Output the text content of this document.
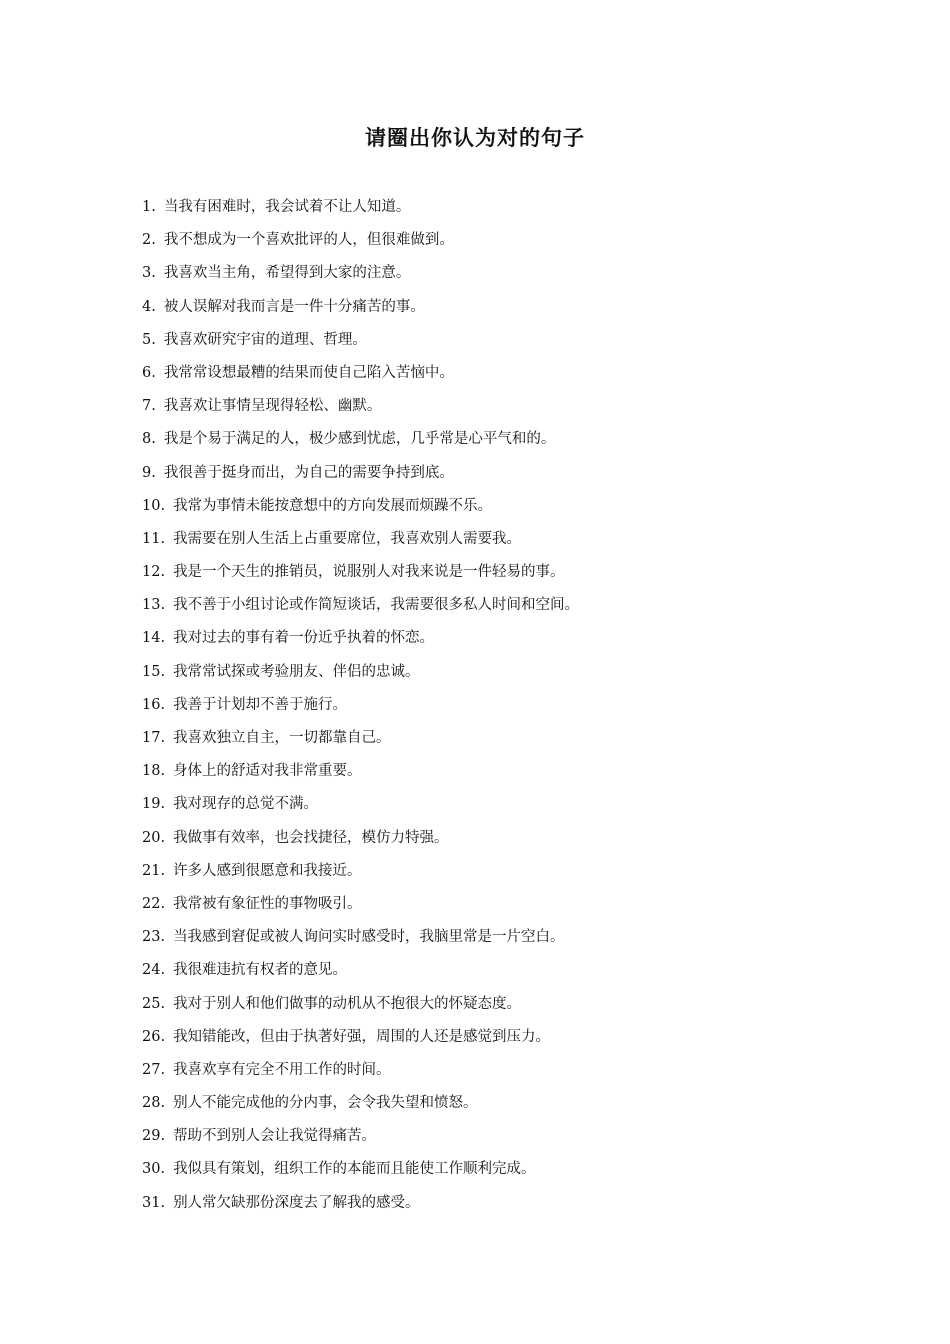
请圈出你认为对的句子
1. 当我有困难时，我会试着不让人知道。
2. 我不想成为一个喜欢批评的人，但很难做到。
3. 我喜欢当主角，希望得到大家的注意。
4. 被人误解对我而言是一件十分痛苦的事。
5. 我喜欢研究宇宙的道理、哲理。
6. 我常常设想最糟的结果而使自己陷入苦恼中。
7. 我喜欢让事情呈现得轻松、幽默。
8. 我是个易于满足的人，极少感到忧虑，几乎常是心平气和的。
9. 我很善于挺身而出，为自己的需要争持到底。
10. 我常为事情未能按意想中的方向发展而烦躁不乐。
11. 我需要在别人生活上占重要席位，我喜欢别人需要我。
12. 我是一个天生的推销员，说服别人对我来说是一件轻易的事。
13. 我不善于小组讨论或作简短谈话，我需要很多私人时间和空间。
14. 我对过去的事有着一份近乎执着的怀恋。
15. 我常常试探或考验朋友、伴侣的忠诚。
16. 我善于计划却不善于施行。
17. 我喜欢独立自主，一切都靠自己。
18. 身体上的舒适对我非常重要。
19. 我对现存的总觉不满。
20. 我做事有效率，也会找捷径，模仿力特强。
21. 许多人感到很愿意和我接近。
22. 我常被有象征性的事物吸引。
23. 当我感到窘促或被人询问实时感受时，我脑里常是一片空白。
24. 我很难违抗有权者的意见。
25. 我对于别人和他们做事的动机从不抱很大的怀疑态度。
26. 我知错能改，但由于执著好强，周围的人还是感觉到压力。
27. 我喜欢享有完全不用工作的时间。
28. 别人不能完成他的分内事，会令我失望和愤怒。
29. 帮助不到别人会让我觉得痛苦。
30. 我似具有策划，组织工作的本能而且能使工作顺利完成。
31. 别人常欠缺那份深度去了解我的感受。
